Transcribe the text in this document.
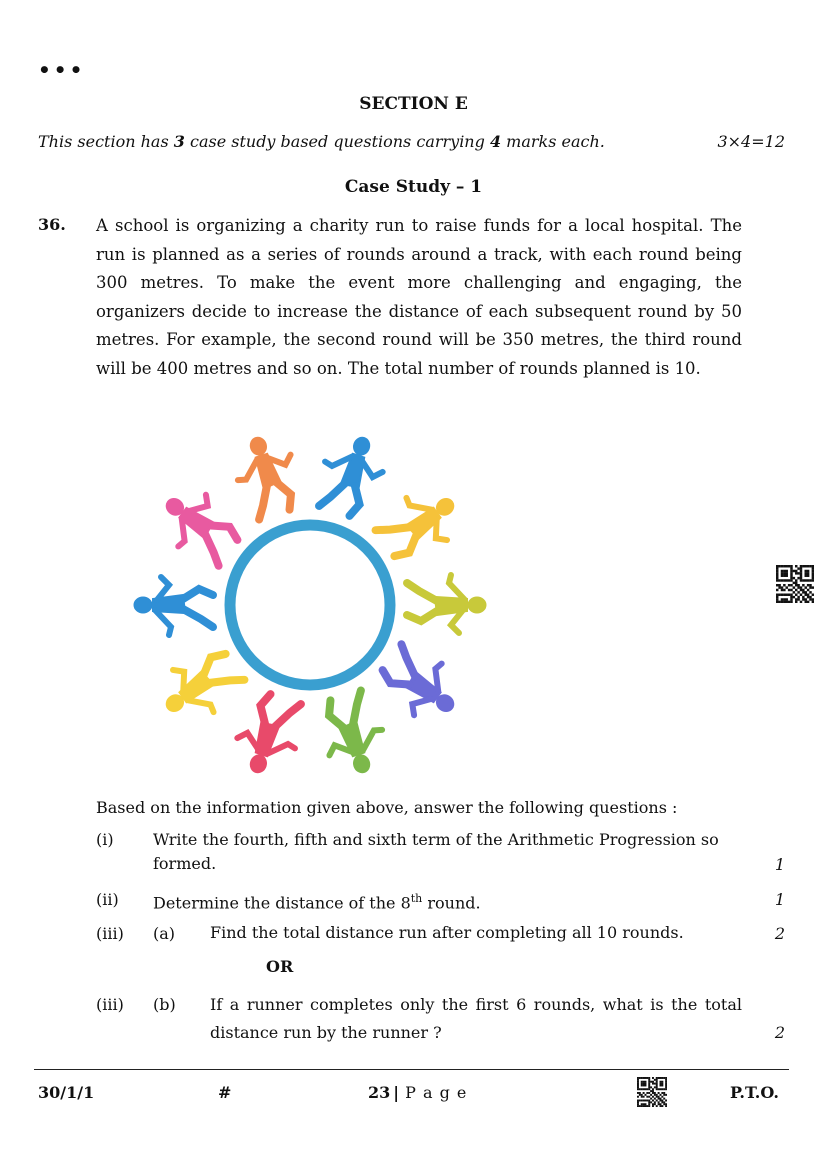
•••
SECTION E
This section has 3 case study based questions carrying 4 marks each.	3×4=12
Case Study – 1
36. A school is organizing a charity run to raise funds for a local hospital. The run is planned as a series of rounds around a track, with each round being 300 metres. To make the event more challenging and engaging, the organizers decide to increase the distance of each subsequent round by 50 metres. For example, the second round will be 350 metres, the third round will be 400 metres and so on. The total number of rounds planned is 10.
Based on the information given above, answer the following questions :
(i) Write the fourth, fifth and sixth term of the Arithmetic Progression so formed.	1
(ii) Determine the distance of the 8th round.	1
(iii) (a) Find the total distance run after completing all 10 rounds.	2
OR
(iii) (b) If a runner completes only the first 6 rounds, what is the total distance run by the runner ?	2
30/1/1	#	23 | P a g e	P.T.O.
